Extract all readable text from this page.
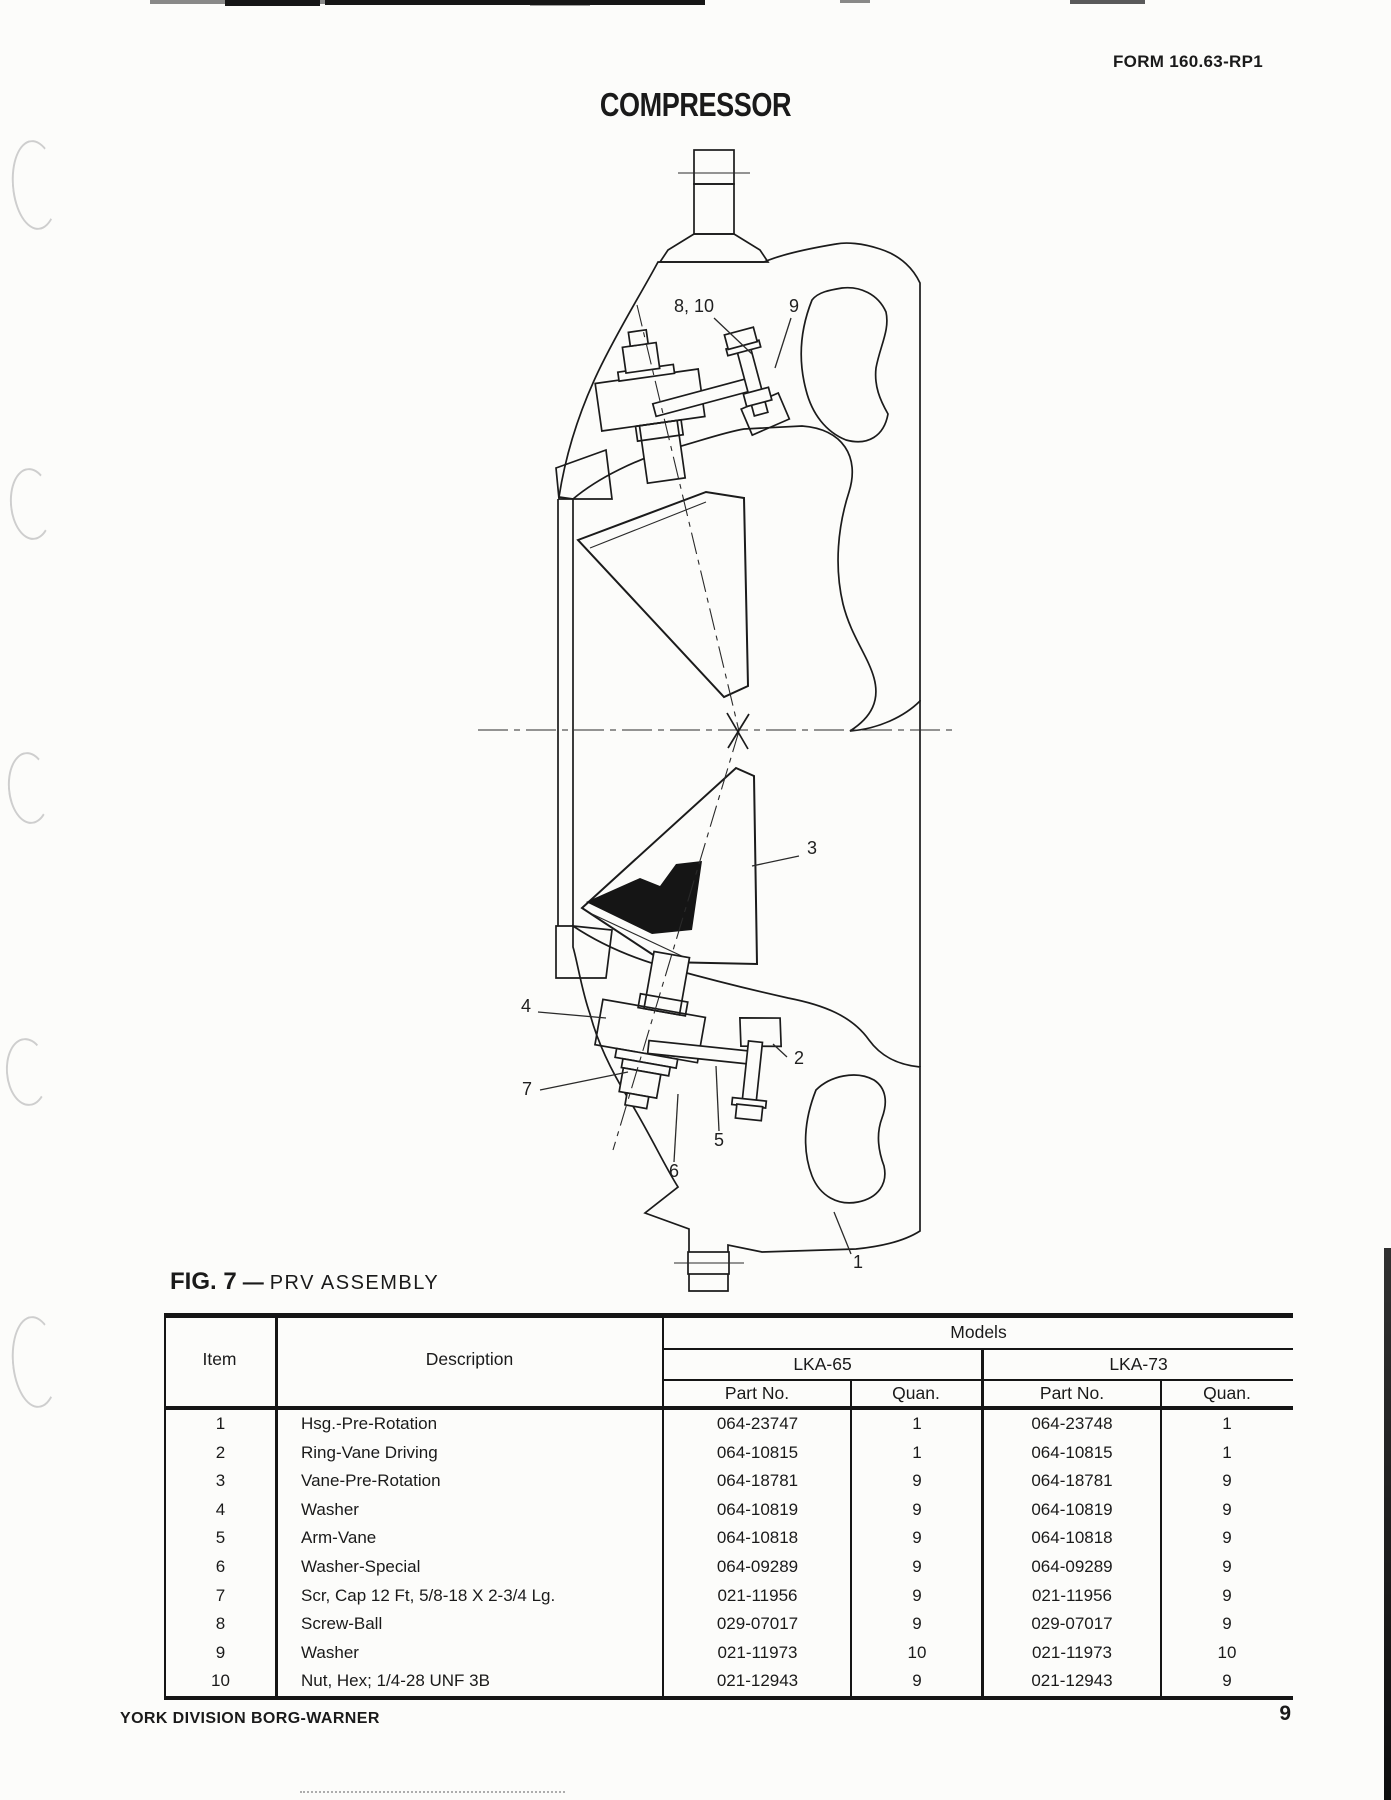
FORM 160.63-RP1
COMPRESSOR
8, 10	9
3
4
2
7
5
6
1
FIG. 7 — PRV ASSEMBLY
Item	Description
Models
LKA-65	LKA-73
Part No.	Quan.	Part No.	Quan.
1	Hsg.-Pre-Rotation	064-23747	1	064-23748	1
2	Ring-Vane Driving	064-10815	1	064-10815	1
3	Vane-Pre-Rotation	064-18781	9	064-18781	9
4	Washer	064-10819	9	064-10819	9
5	Arm-Vane	064-10818	9	064-10818	9
6	Washer-Special	064-09289	9	064-09289	9
7	Scr, Cap 12 Ft, 5/8-18 X 2-3/4 Lg.	021-11956	9	021-11956	9
8	Screw-Ball	029-07017	9	029-07017	9
9	Washer	021-11973	10	021-11973	10
10	Nut, Hex; 1/4-28 UNF 3B	021-12943	9	021-12943	9
YORK DIVISION BORG-WARNER	9
